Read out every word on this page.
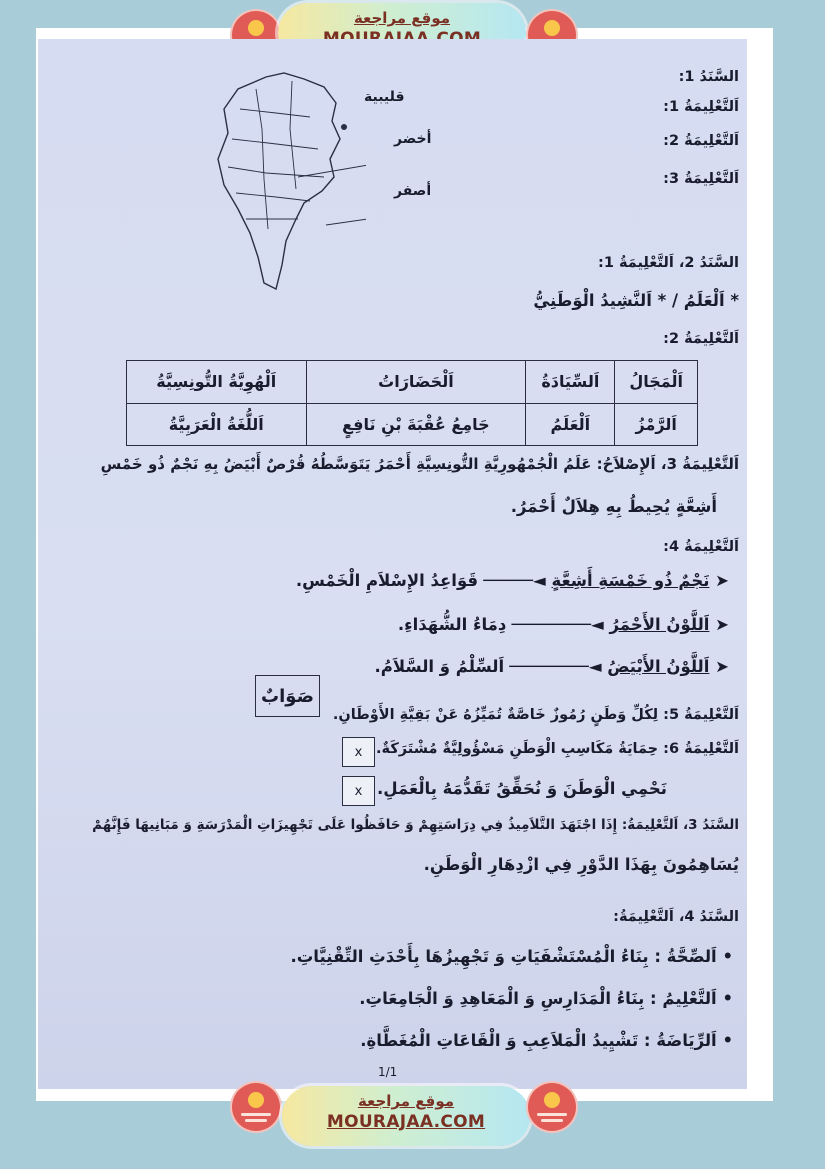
موقع مراجعة
قليبية
أخضر
أصفر
السَّنَدُ 1:
اَلتَّعْلِيمَةُ 1:
اَلتَّعْلِيمَةُ 2:
اَلتَّعْلِيمَةُ 3:
السَّنَدُ 2، اَلتَّعْلِيمَةُ 1:
* اَلْعَلَمُ / * اَلنَّشِيدُ الْوَطَنِيُّ
اَلتَّعْلِيمَةُ 2:
اَلْمَجَالُ	اَلسِّيَادَةُ	اَلْحَضَارَاتُ	اَلْهُوِيَّةُ التُّونِسِيَّةُ
اَلرَّمْزُ	اَلْعَلَمُ	جَامِعُ عُقْبَةَ بْنِ نَافِعٍ	اَللُّغَةُ الْعَرَبِيَّةُ
اَلتَّعْلِيمَةُ 3، اَلإِصْلاَحُ: عَلَمُ الْجُمْهُورِيَّةِ التُّونِسِيَّةِ أَحْمَرُ يَتَوَسَّطُهُ قُرْصٌ أَبْيَضُ بِهِ نَجْمٌ ذُو خَمْسِ
أَشِعَّةٍ يُحِيطُ بِهِ هِلاَلٌ أَحْمَرُ.
اَلتَّعْلِيمَةُ 4:
➤ نَجْمٌ ذُو خَمْسَةِ أَشِعَّةٍ ◄───── قَوَاعِدُ الإِسْلاَمِ الْخَمْسِ.
➤ اَللَّوْنُ الأَحْمَرُ ◄──────── دِمَاءُ الشُّهَدَاءِ.
➤ اَللَّوْنُ الأَبْيَضُ ◄──────── اَلسِّلْمُ وَ السَّلاَمُ.
اَلتَّعْلِيمَةُ 5: لِكُلِّ وَطَنٍ رُمُوزٌ خَاصَّةٌ تُمَيِّزُهُ عَنْ بَقِيَّةِ الأَوْطَانِ.
صَوَابٌ
اَلتَّعْلِيمَةُ 6: حِمَايَةُ مَكَاسِبِ الْوَطَنِ مَسْؤُولِيَّةٌ مُشْتَرَكَةٌ.
x
نَحْمِي الْوَطَنَ وَ نُحَقِّقُ تَقَدُّمَهُ بِالْعَمَلِ.
x
السَّنَدُ 3، اَلتَّعْلِيمَةُ: إِذَا اجْتَهَدَ التَّلاَمِيذُ فِي دِرَاسَتِهِمْ وَ حَافَظُوا عَلَى تَجْهِيزَاتِ الْمَدْرَسَةِ وَ مَبَانِيهَا فَإِنَّهُمْ
يُسَاهِمُونَ بِهَذَا الدَّوْرِ فِي ازْدِهَارِ الْوَطَنِ.
السَّنَدُ 4، اَلتَّعْلِيمَةُ:
• اَلصِّحَّةُ : بِنَاءُ الْمُسْتَشْفَيَاتِ وَ تَجْهِيزُهَا بِأَحْدَثِ التِّقْنِيَّاتِ.
• اَلتَّعْلِيمُ : بِنَاءُ الْمَدَارِسِ وَ الْمَعَاهِدِ وَ الْجَامِعَاتِ.
• اَلرِّيَاضَةُ : تَشْيِيدُ الْمَلاَعِبِ وَ الْقَاعَاتِ الْمُغَطَّاةِ.
1/1
موقع مراجعة
MOURAJAA.COM
